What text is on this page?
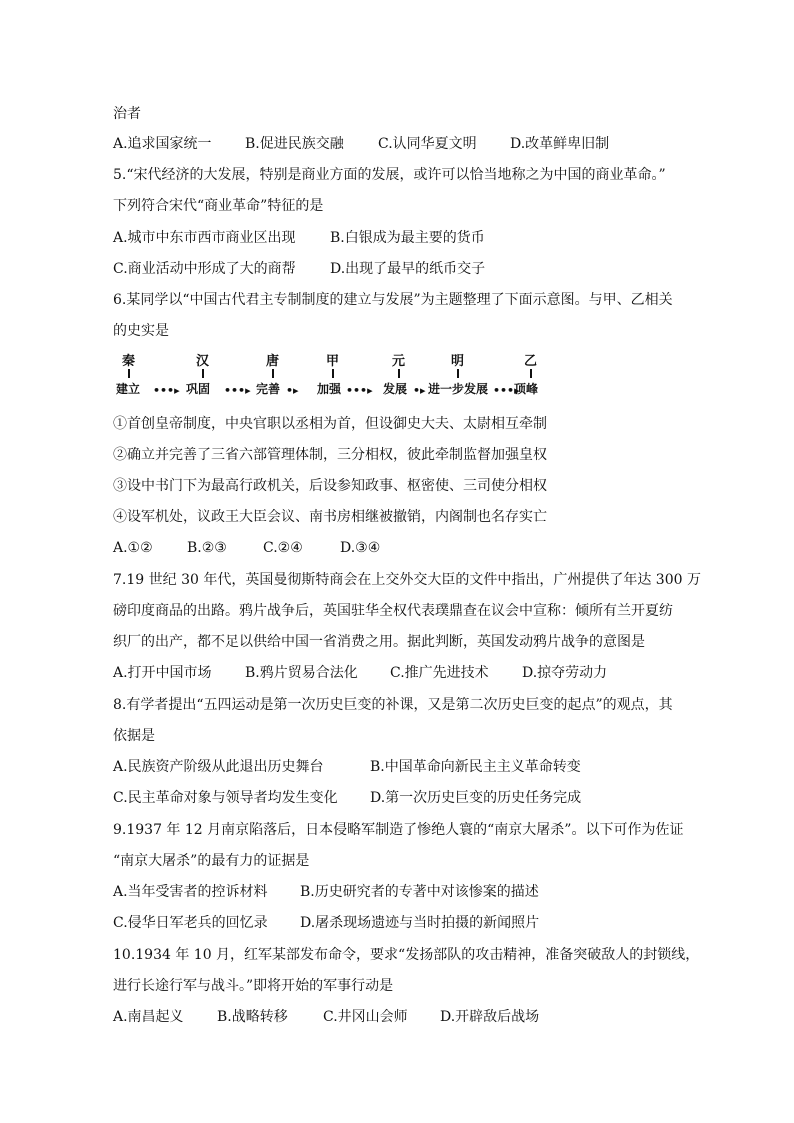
治者
A.追求国家统一 B.促进民族交融 C.认同华夏文明 D.改革鲜卑旧制
5.“宋代经济的大发展，特别是商业方面的发展，或许可以恰当地称之为中国的商业革命。”
下列符合宋代“商业革命”特征的是
A.城市中东市西市商业区出现 B.白银成为最主要的货币
C.商业活动中形成了大的商帮 D.出现了最早的纸币交子
6.某同学以“中国古代君主专制制度的建立与发展”为主题整理了下面示意图。与甲、乙相关
的史实是
•••▸	•••▸	•▸	•••▸	•▸	•••▸
秦	汉	唐	甲	元	明	乙
建立	巩固	完善	加强	发展 进一步发展 顶峰
①首创皇帝制度，中央官职以丞相为首，但设御史大夫、太尉相互牵制
②确立并完善了三省六部管理体制，三分相权，彼此牵制监督加强皇权
③设中书门下为最高行政机关，后设参知政事、枢密使、三司使分相权
④设军机处，议政王大臣会议、南书房相继被撤销，内阁制也名存实亡
A.①② B.②③	C.②④	D.③④
7.19 世纪 30 年代，英国曼彻斯特商会在上交外交大臣的文件中指出，广州提供了年达 300 万
磅印度商品的出路。鸦片战争后，英国驻华全权代表璞鼎查在议会中宣称：倾所有兰开夏纺
织厂的出产，都不足以供给中国一省消费之用。据此判断，英国发动鸦片战争的意图是
A.打开中国市场 B.鸦片贸易合法化 C.推广先进技术 D.掠夺劳动力
8.有学者提出“五四运动是第一次历史巨变的补课，又是第二次历史巨变的起点”的观点，其
依据是
A.民族资产阶级从此退出历史舞台	B.中国革命向新民主主义革命转变
C.民主革命对象与领导者均发生变化 D.第一次历史巨变的历史任务完成
9.1937 年 12 月南京陷落后，日本侵略军制造了惨绝人寰的“南京大屠杀”。以下可作为佐证
“南京大屠杀”的最有力的证据是
A.当年受害者的控诉材料 B.历史研究者的专著中对该惨案的描述
C.侵华日军老兵的回忆录 D.屠杀现场遗迹与当时拍摄的新闻照片
10.1934 年 10 月，红军某部发布命令，要求“发扬部队的攻击精神，准备突破敌人的封锁线，
进行长途行军与战斗。”即将开始的军事行动是
A.南昌起义 B.战略转移	C.井冈山会师 D.开辟敌后战场
